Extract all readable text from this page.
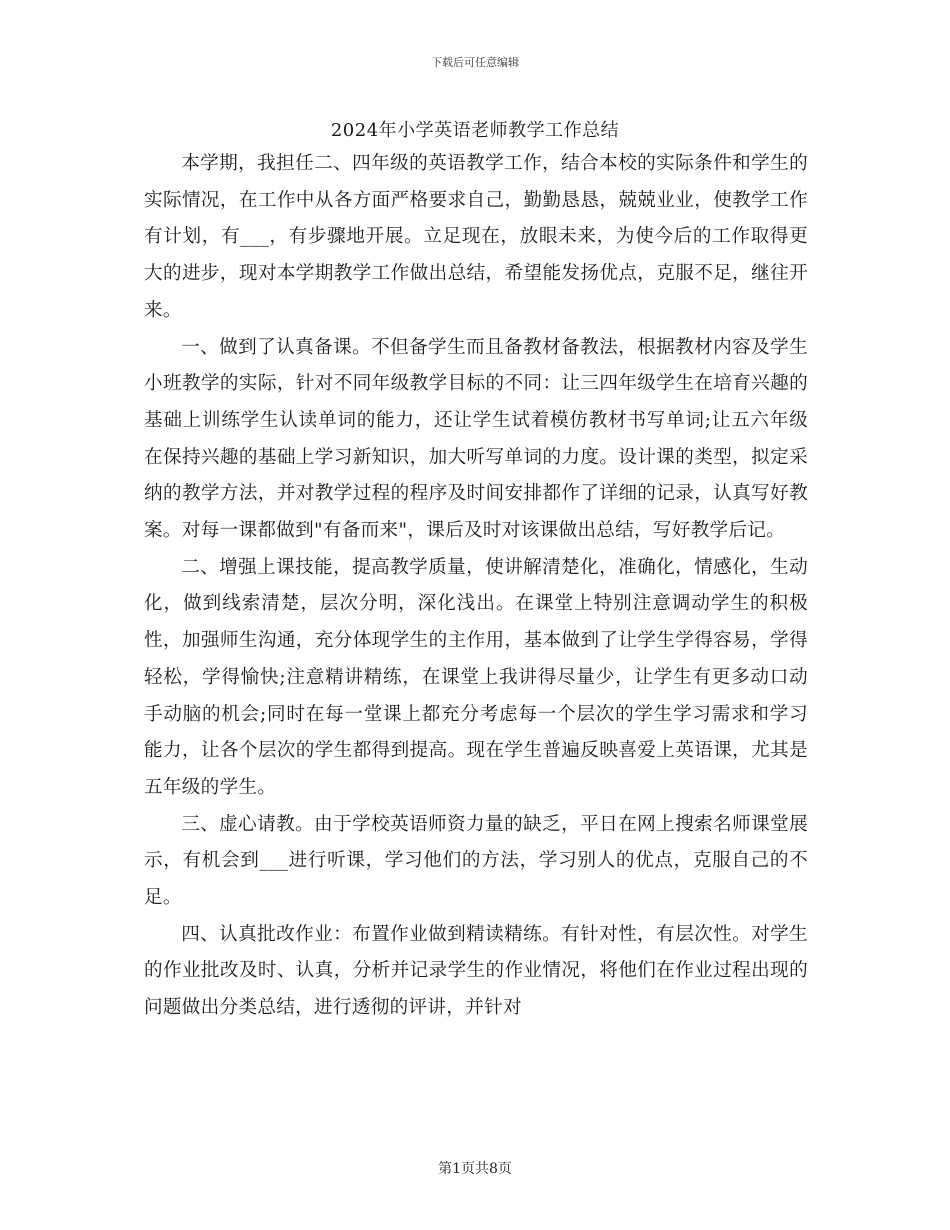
下载后可任意编辑
2024年小学英语老师教学工作总结

本学期，我担任二、四年级的英语教学工作，结合本校的实际条件和学生的实际情况，在工作中从各方面严格要求自己，勤勤恳恳，兢兢业业，使教学工作有计划，有___，有步骤地开展。立足现在，放眼未来，为使今后的工作取得更大的进步，现对本学期教学工作做出总结，希望能发扬优点，克服不足，继往开来。

一、做到了认真备课。不但备学生而且备教材备教法，根据教材内容及学生小班教学的实际，针对不同年级教学目标的不同：让三四年级学生在培育兴趣的基础上训练学生认读单词的能力，还让学生试着模仿教材书写单词;让五六年级在保持兴趣的基础上学习新知识，加大听写单词的力度。设计课的类型，拟定采纳的教学方法，并对教学过程的程序及时间安排都作了详细的记录，认真写好教案。对每一课都做到"有备而来"，课后及时对该课做出总结，写好教学后记。

二、增强上课技能，提高教学质量，使讲解清楚化，准确化，情感化，生动化，做到线索清楚，层次分明，深化浅出。在课堂上特别注意调动学生的积极性，加强师生沟通，充分体现学生的主作用，基本做到了让学生学得容易，学得轻松，学得愉快;注意精讲精练，在课堂上我讲得尽量少，让学生有更多动口动手动脑的机会;同时在每一堂课上都充分考虑每一个层次的学生学习需求和学习能力，让各个层次的学生都得到提高。现在学生普遍反映喜爱上英语课，尤其是五年级的学生。

三、虚心请教。由于学校英语师资力量的缺乏，平日在网上搜索名师课堂展示，有机会到___进行听课，学习他们的方法，学习别人的优点，克服自己的不足。

四、认真批改作业：布置作业做到精读精练。有针对性，有层次性。对学生的作业批改及时、认真，分析并记录学生的作业情况，将他们在作业过程出现的问题做出分类总结，进行透彻的评讲，并针对

第1页共8页
